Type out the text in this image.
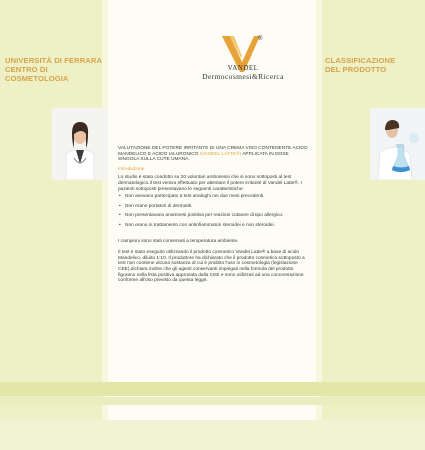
UNIVERSITÀ DI FERRARA
CENTRO DI COSMETOLOGIA
CLASSIFICAZIONE
DEL PRODOTTO
®
VANDEL
Dermocosmesi&Ricerca

VALUTAZIONE DEL POTERE IRRITANTE DI UNA CREMA VISO CONTENENTE ACIDO MANDELICO E ACIDO IALURONICO (VANDEL LATTE®) APPLICATA IN DOSE SINGOLA SULLA CUTE UMANA.

Introduzione

Lo studio è stato condotto su 20 volontari ambosessi che si sono sottoposti al test dermatologico.Il test veniva effettuato per attestare il potere irritante di Vandel Latte®. I pazienti sottoposti presentavano le seguenti caratteristiche:

• Non avevano partecipato a test analoghi nei due mesi precedenti.
• Non erano portatori di dermatiti.
• Non presentavano anamnesi positiva per reazioni cutanee di tipo allergico.
• Non erano in trattamento con antinfiammatori steroidei e non steroidei.

I campioni sono stati conservati a temperatura ambiente.

Il test è stato eseguito utilizzando il prodotto cosmetico Vandel Latte® a base di acido Mandelico, diluito 1:10. Il produttore ha dichiarato che il prodotto cosmetico sottoposto a test non contiene alcuna sostanza di cui è proibito l'uso in cosmetologia (legislazione CEE),dichiara inoltre che gli agenti conservanti impiegati nella formula del prodotto figurano nella lista positiva approvata dalla CEE e sono utilizzati ad una concentrazione conforme all'uso previsto da questa legge.
